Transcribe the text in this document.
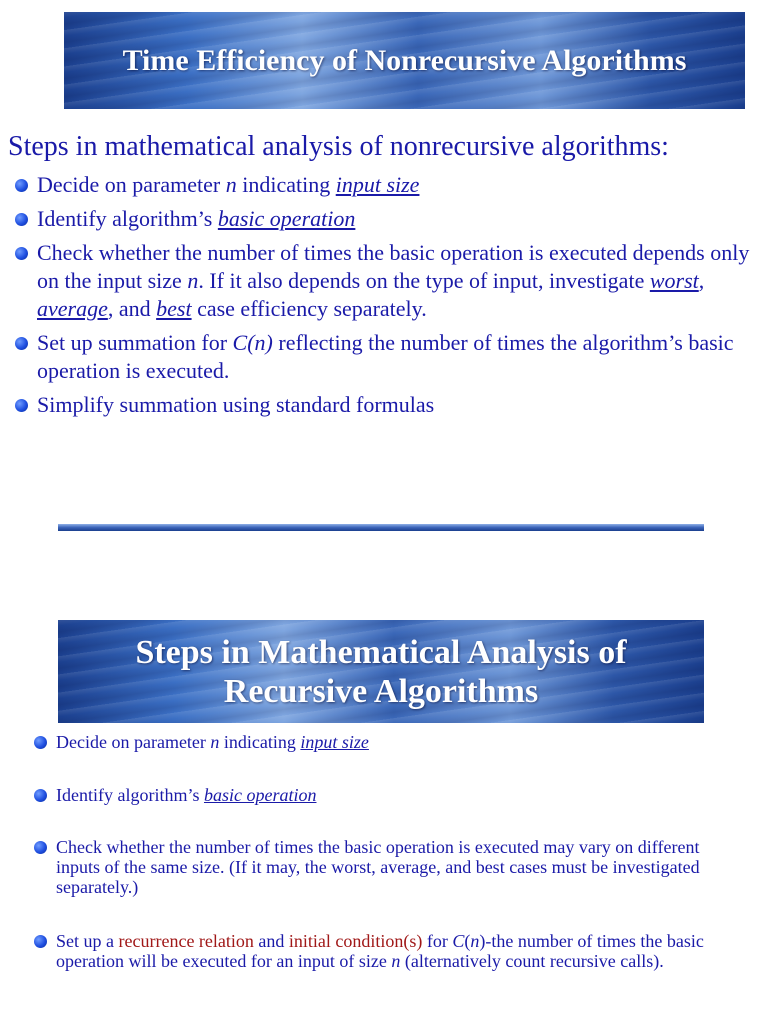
Time Efficiency of Nonrecursive Algorithms
Steps in mathematical analysis of nonrecursive algorithms:
Decide on parameter n indicating input size
Identify algorithm’s basic operation
Check whether the number of times the basic operation is executed depends only on the input size n. If it also depends on the type of input, investigate worst, average, and best case efficiency separately.
Set up summation for C(n) reflecting the number of times the algorithm’s basic operation is executed.
Simplify summation using standard formulas
Steps in Mathematical Analysis of
Recursive Algorithms
Decide on parameter n indicating input size
Identify algorithm’s basic operation
Check whether the number of times the basic operation is executed may vary on different inputs of the same size. (If it may, the worst, average, and best cases must be investigated separately.)
Set up a recurrence relation and initial condition(s) for C(n)-the number of times the basic operation will be executed for an input of size n (alternatively count recursive calls).
